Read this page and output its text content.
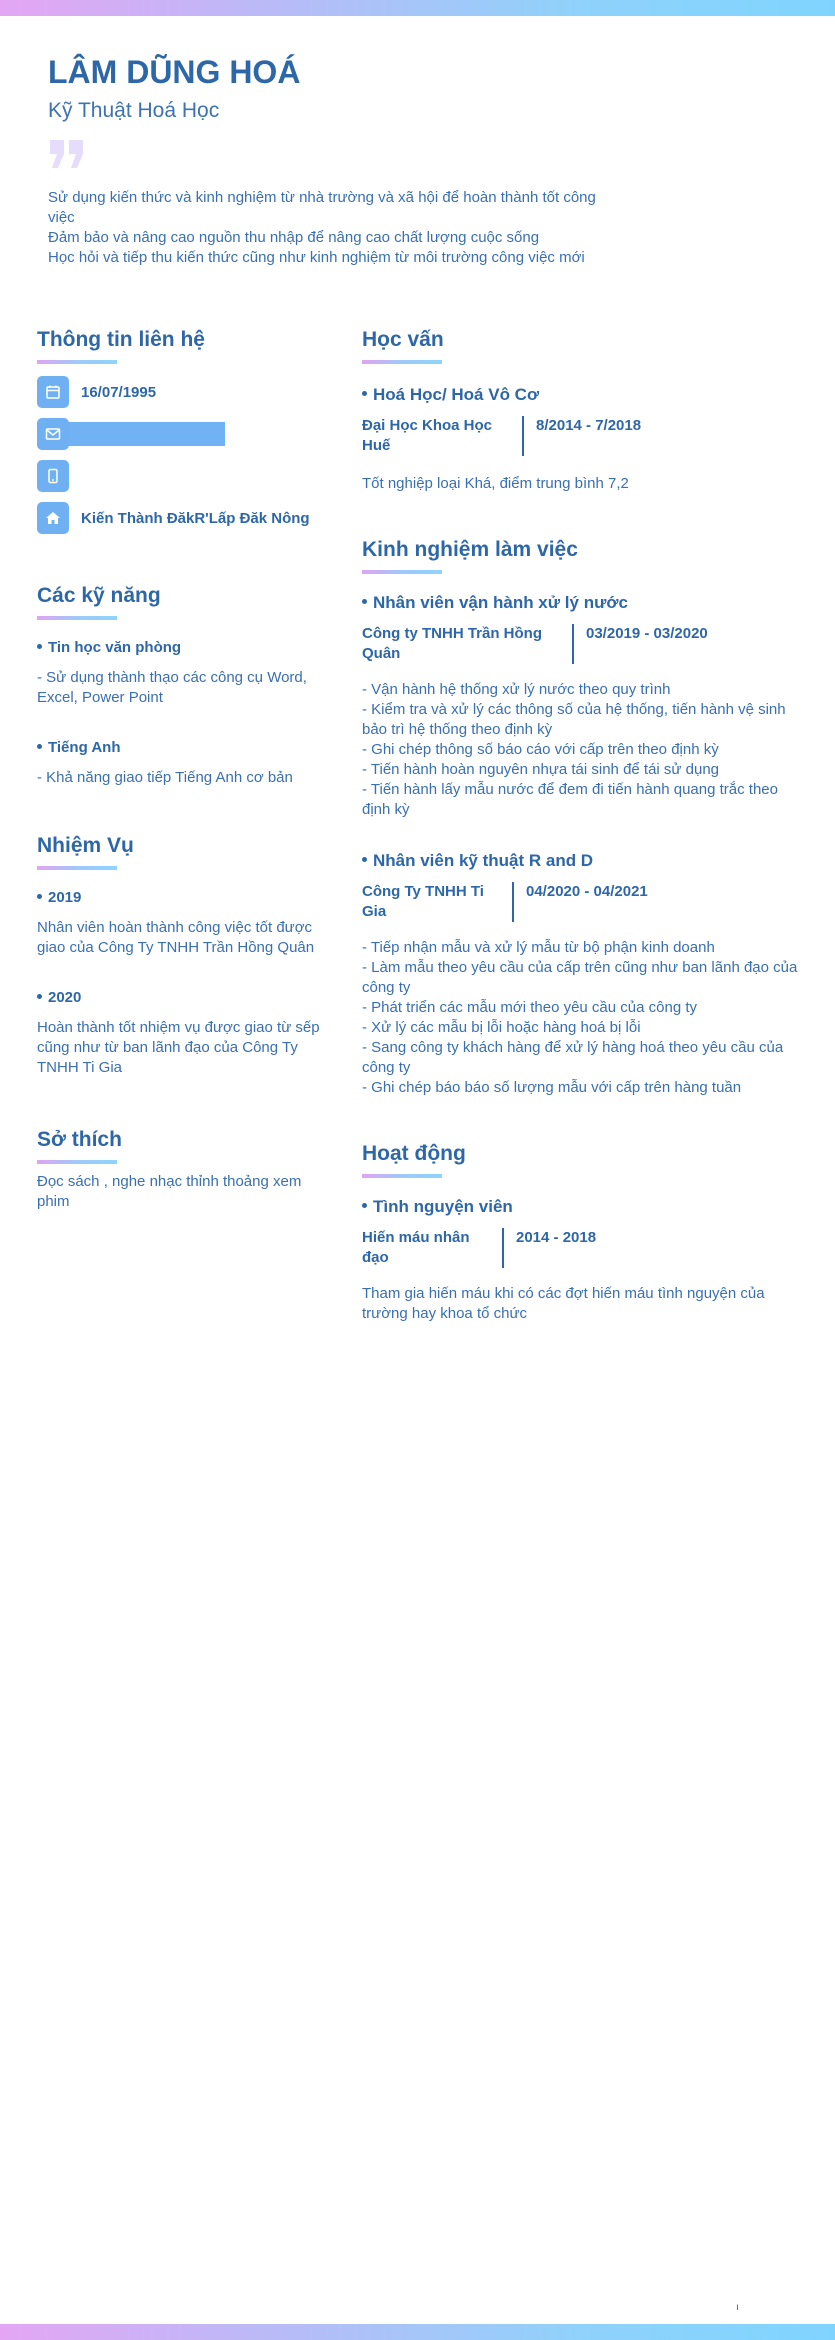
LÂM DŨNG HOÁ
Kỹ Thuật Hoá Học
Sử dụng kiến thức và kinh nghiệm từ nhà trường và xã hội để hoàn thành tốt công việc
Đảm bảo và nâng cao nguồn thu nhập để nâng cao chất lượng cuộc sống
Học hỏi và tiếp thu kiến thức cũng như kinh nghiệm từ môi trường công việc mới
Thông tin liên hệ
16/07/1995
Kiến Thành ĐăkR'Lấp Đăk Nông
Các kỹ năng
Tin học văn phòng
- Sử dụng thành thạo các công cụ Word, Excel, Power Point
Tiếng Anh
- Khả năng giao tiếp Tiếng Anh cơ bản
Nhiệm Vụ
2019
Nhân viên hoàn thành công việc tốt được giao của Công Ty TNHH Trần Hồng Quân
2020
Hoàn thành tốt nhiệm vụ được giao từ sếp cũng như từ ban lãnh đạo của Công Ty TNHH Ti Gia
Sở thích
Đọc sách , nghe nhạc thỉnh thoảng xem phim
Học vấn
Hoá Học/ Hoá Vô Cơ
Đại Học Khoa Học Huế
8/2014 - 7/2018
Tốt nghiệp loại Khá, điểm trung bình 7,2
Kinh nghiệm làm việc
Nhân viên vận hành xử lý nước
Công ty TNHH Trần Hồng Quân
03/2019 - 03/2020
- Vận hành hệ thống xử lý nước theo quy trình
- Kiểm tra và xử lý các thông số của hệ thống, tiến hành vệ sinh bảo trì hệ thống theo định kỳ
- Ghi chép thông số báo cáo với cấp trên theo định kỳ
- Tiến hành hoàn nguyên nhựa tái sinh để tái sử dụng
- Tiến hành lấy mẫu nước để đem đi tiến hành quang trắc theo định kỳ
Nhân viên kỹ thuật R and D
Công Ty TNHH Ti Gia
04/2020 - 04/2021
- Tiếp nhận mẫu và xử lý mẫu từ bộ phận kinh doanh
- Làm mẫu theo yêu cầu của cấp trên cũng như ban lãnh đạo của công ty
- Phát triển các mẫu mới theo yêu cầu của công ty
- Xử lý các mẫu bị lỗi hoặc hàng hoá bị lỗi
- Sang công ty khách hàng để xử lý hàng hoá theo yêu cầu của công ty
- Ghi chép báo báo số lượng mẫu với cấp trên hàng tuần
Hoạt động
Tình nguyện viên
Hiến máu nhân đạo
2014 - 2018
Tham gia hiến máu khi có các đợt hiến máu tình nguyện của trường hay khoa tổ chức
ı
